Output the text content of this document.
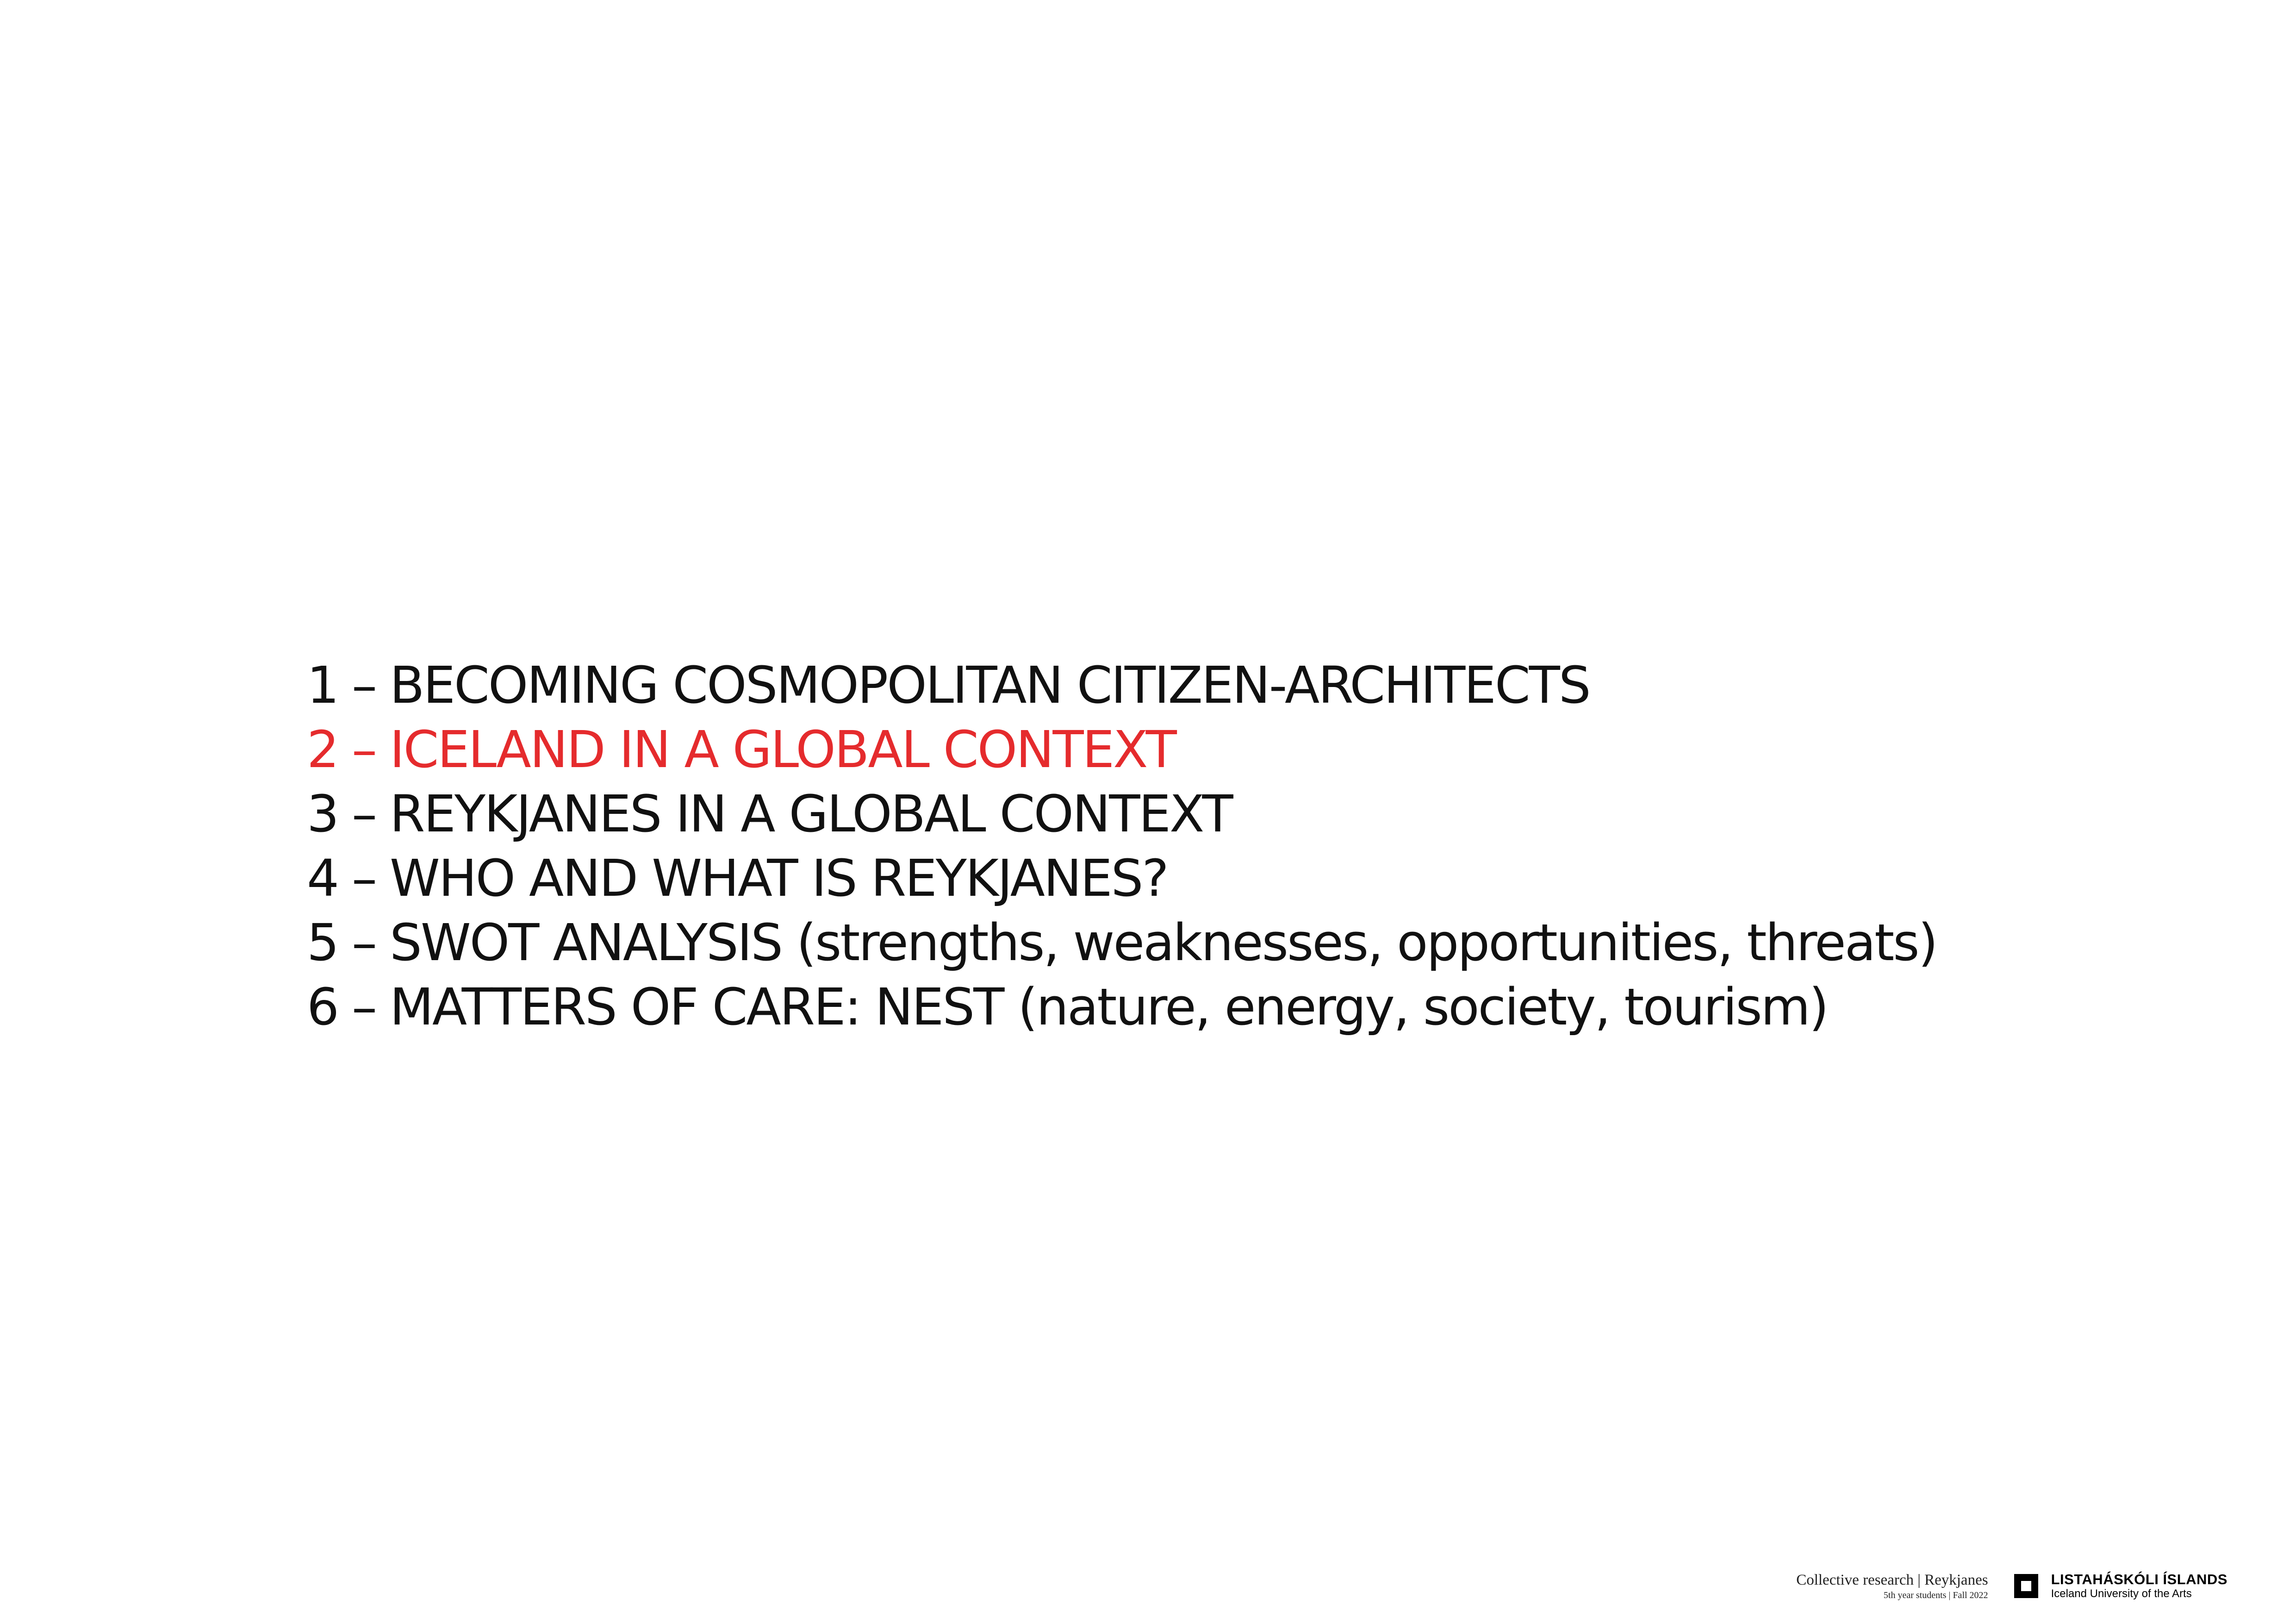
1 – BECOMING COSMOPOLITAN CITIZEN-ARCHITECTS
2 – ICELAND IN A GLOBAL CONTEXT
3 – REYKJANES IN A GLOBAL CONTEXT
4 – WHO AND WHAT IS REYKJANES?
5 – SWOT ANALYSIS (strengths, weaknesses, opportunities, threats)
6 – MATTERS OF CARE: NEST (nature, energy, society, tourism)
Collective research | Reykjanes
5th year students | Fall 2022
LISTAHÁSKÓLI ÍSLANDS
Iceland University of the Arts
